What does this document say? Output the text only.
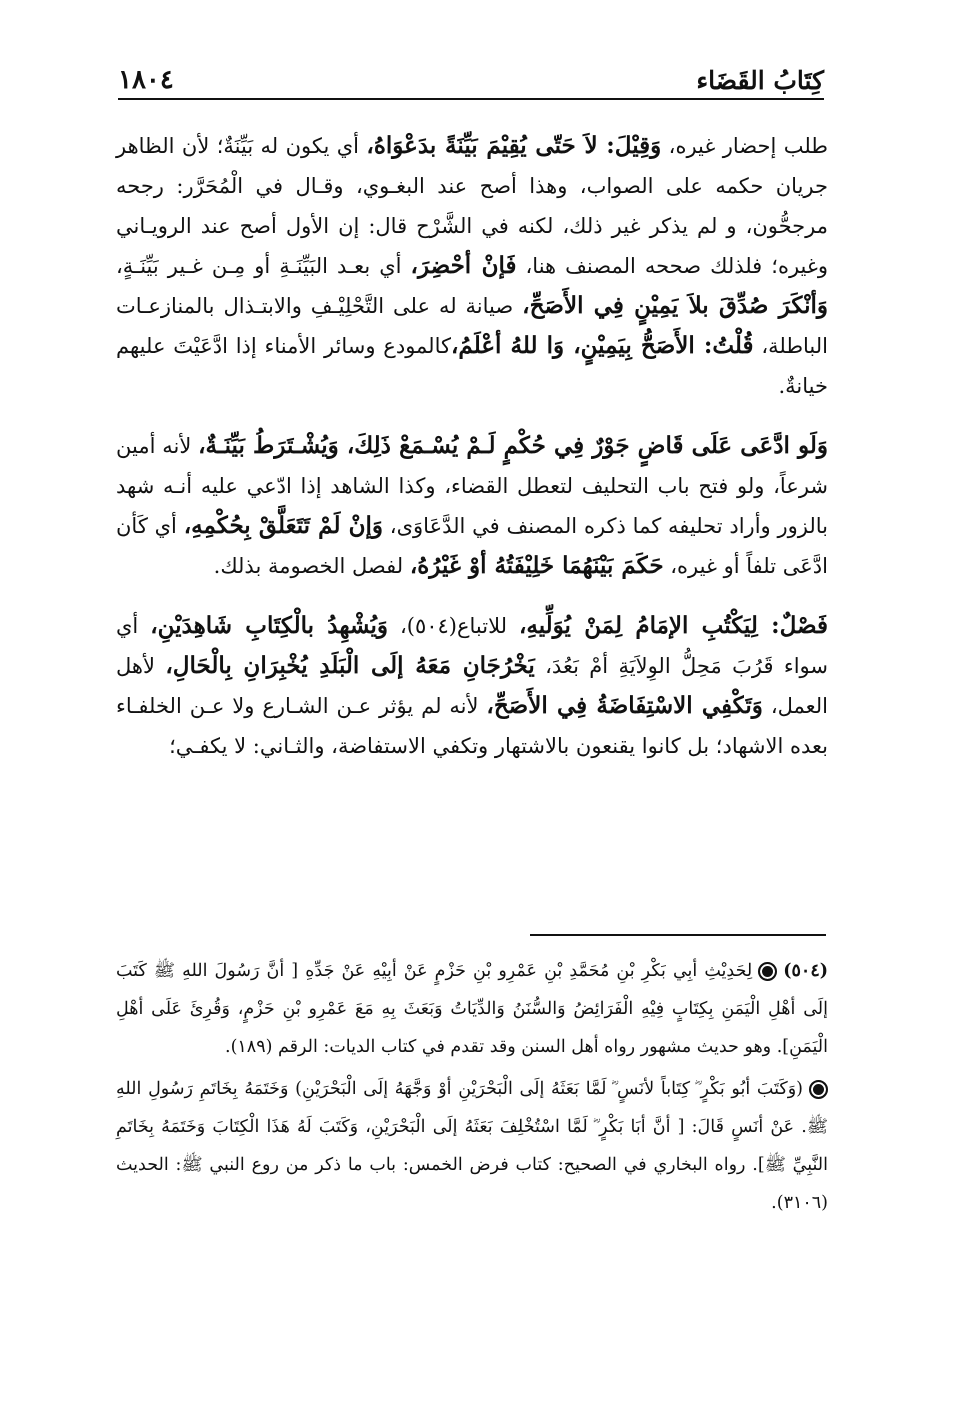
١٨٠٤	كِتَابُ القَضَاء

طلب إحضار غيره، وَقِيْلَ: لاَ حَتّى يُقِيْمَ بَيِّنَةً بدَعْوَاهُ، أي يكون له بَيِّنَةٌ؛ لأن الظاهر جريان حكمه على الصواب، وهذا أصح عند البغـوي، وقـال في الْمُحَرَّر: رجحه مرجحُّون، و لم يذكر غير ذلك، لكنه في الشَّرْح قال: إن الأول أصح عند الرويـاني وغيره؛ فلذلك صححه المصنف هنا، فَإنْ أحْضِرَ، أي بعـد البَيِّنَـةِ أو مِـن غـير بَيِّنَـةٍ، وَأنْكَرَ صُدِّقَ بلاَ يَمِيْنٍ فِي الأَصَحِّ، صيانة له على التَّحْلِيْـفِ والابتـذال بالمنازعـات الباطلة، قُلْتُ: الأَصَحُّ بِيَمِيْنٍ، وَا للهُ أعْلَمُ،كالمودع وسائر الأمناء إذا ادَّعَيْتَ عليهم خيانةٌ.

وَلَو ادَّعَى عَلَى قَاضٍ جَوْرٌ فِي حُكْمٍ لَـمْ يُسْـمَعْ ذَلِكَ، وَيُشْـتَرَطُ بَيِّنَـةٌ، لأنه أمين شرعاً، ولو فتح باب التحليف لتعطل القضاء، وكذا الشاهد إذا ادّعي عليه أنـه شهد بالزور وأراد تحليفه كما ذكره المصنف في الدَّعَاوَى، وَإنْ لَمْ تَتَعَلَّقْ بِحُكْمِهِ، أي كَأن ادَّعَى تلفاً أو غيره، حَكَمَ بَيْنَهُمَا خَلِيْفَتُهُ أوْ غَيْرُهُ، لفصل الخصومة بذلك.

فَصْلٌ: لِيَكْتُبِ الإمَامُ لِمَنْ يُوَلِّيهِ، للاتباع(٥٠٤)، وَيُشْهِدُ بالْكِتَابِ شَاهِدَيْنِ، أي سواء قَرُبَ مَحِلُّ الوِلاَيَةِ أمْ بَعُدَ، يَخْرُجَانِ مَعَهُ إلَى الْبَلَدِ يُخْبِرَانِ بِالْحَالِ، لأهل العمل، وَتَكْفِي الاسْتِفَاضَةُ فِي الأَصَحِّ، لأنه لم يؤثر عـن الشـارع ولا عـن الخلفـاء بعده الاشهاد؛ بل كانوا يقنعون بالاشتهار وتكفي الاستفاضة، والثـاني: لا يكفـي؛

(٥٠٤)لِحَدِيْثِ أبِي بَكْرِ بْنِ مُحَمَّدِ بْنِ عَمْرِو بْنِ حَزْمٍ عَنْ أبِيْهِ عَنْ جَدِّهِ [ أنَّ رَسُولَ اللهِ ﷺ كَتَبَ إلَى أهْلِ الْيَمَنِ بِكِتَابٍ فِيْهِ الْفَرَائِضُ وَالسُّنَنُ وَالدِّيَاتُ وَبَعَثَ بِهِ مَعَ عَمْرِو بْنِ حَزْمٍ، وَقُرِئَ عَلَى أهْلِ الْيَمَنِ]. وهو حديث مشهور رواه أهل السنن وقد تقدم في كتاب الديات: الرقم (١٨٩).

(وَكَتَبَ أبُو بَكْرٍ ؓ كِتَاباً لأنَسٍ ؓ لَمَّا بَعَثَهُ إلَى الْبَحْرَيْنِ أوْ وَجَّهَهُ إلَى الْبَحْرَيْنِ) وَخَتَمَهُ بِخَاتَمِ رَسُولِ اللهِ ﷺ. عَنْ أنَسٍ قَالَ: [ أنَّ أبَا بَكْرٍ ؓ لَمَّا اسْتُخْلِفَ بَعَثَهُ إلَى الْبَحْرَيْنِ، وَكَتَبَ لَهُ هَذَا الْكِتَابَ وَخَتَمَهُ بِخَاتَمِ النَّبِيِّ ﷺ]. رواه البخاري في الصحيح: كتاب فرض الخمس: باب ما ذكر من روع النبي ﷺ: الحديث (٣١٠٦).
